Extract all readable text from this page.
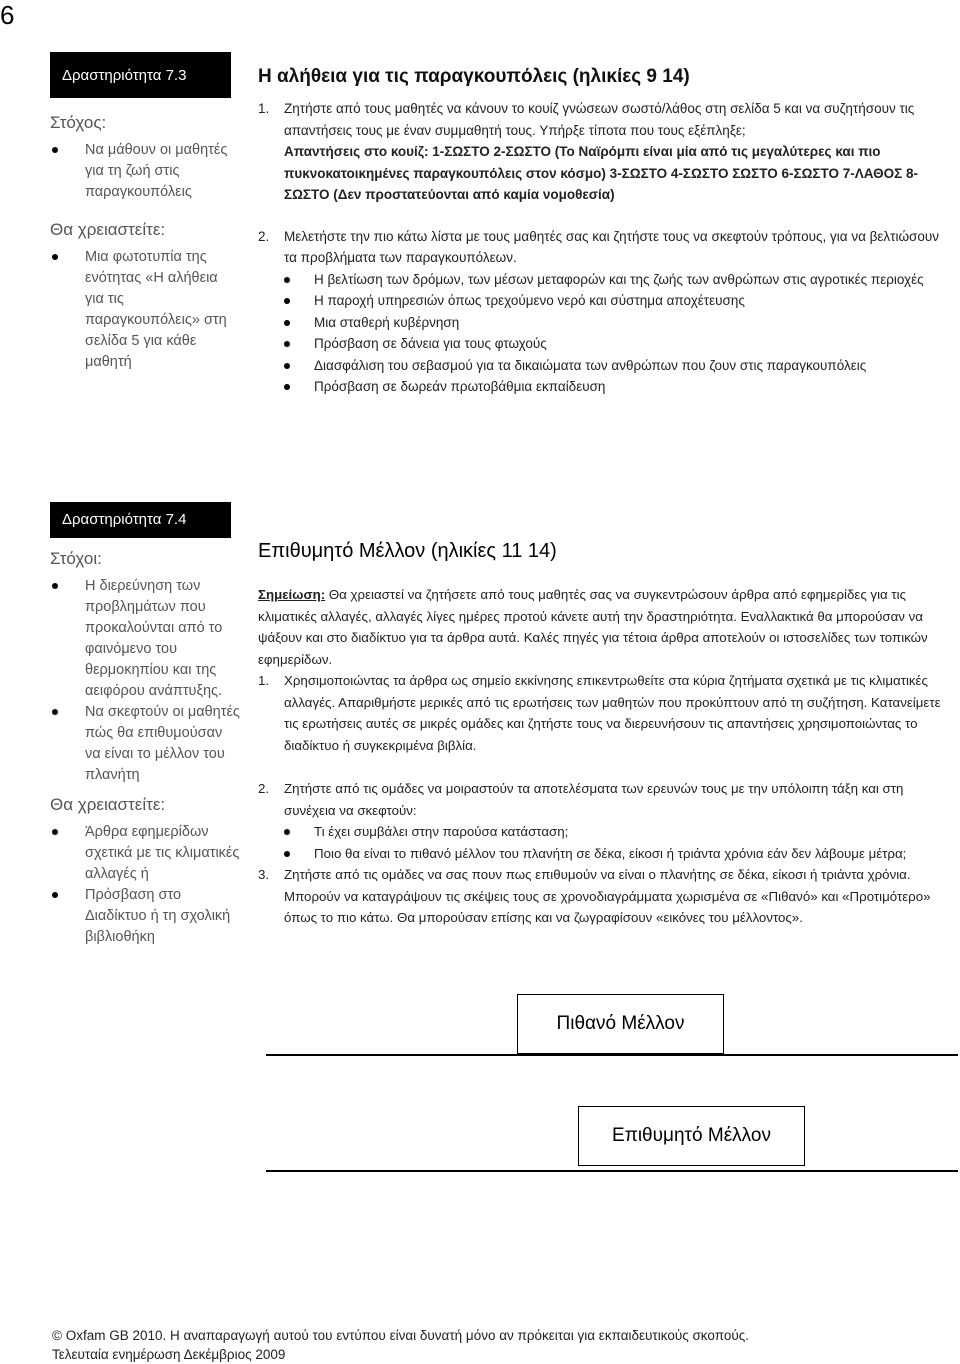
6
Δραστηριότητα 7.3

Στόχος:

Να μάθουν οι μαθητές για τη ζωή στις παραγκουπόλεις

Θα χρειαστείτε:

Μια φωτοτυπία της ενότητας «Η αλήθεια για τις παραγκουπόλεις» στη σελίδα 5 για κάθε μαθητή
Δραστηριότητα 7.4

Στόχοι:

Η διερεύνηση των προβλημάτων που προκαλούνται από το φαινόμενο του θερμοκηπίου και της αειφόρου ανάπτυξης.
Να σκεφτούν οι μαθητές πώς θα επιθυμούσαν να είναι το μέλλον του πλανήτη

Θα χρειαστείτε:

Άρθρα εφημερίδων σχετικά με τις κλιματικές αλλαγές ή
Πρόσβαση στο Διαδίκτυο ή τη σχολική βιβλιοθήκη
Η αλήθεια για τις παραγκουπόλεις (ηλικίες 9 14)
1. Ζητήστε από τους μαθητές να κάνουν το κουίζ γνώσεων σωστό/λάθος στη σελίδα 5 και να συζητήσουν τις απαντήσεις τους με έναν συμμαθητή τους. Υπήρξε τίποτα που τους εξέπληξε;

Απαντήσεις στο κουίζ: 1-ΣΩΣΤΟ 2-ΣΩΣΤΟ (Το Ναϊρόμπι είναι μία από τις μεγαλύτερες και πιο πυκνοκατοικημένες παραγκουπόλεις στον κόσμο) 3-ΣΩΣΤΟ 4-ΣΩΣΤΟ ΣΩΣΤΟ 6-ΣΩΣΤΟ 7-ΛΑΘΟΣ 8-ΣΩΣΤΟ (Δεν προστατεύονται από καμία νομοθεσία)

2. Μελετήστε την πιο κάτω λίστα με τους μαθητές σας και ζητήστε τους να σκεφτούν τρόπους, για να βελτιώσουν τα προβλήματα των παραγκουπόλεων.

Η βελτίωση των δρόμων, των μέσων μεταφορών και της ζωής των ανθρώπων στις αγροτικές περιοχές
Η παροχή υπηρεσιών όπως τρεχούμενο νερό και σύστημα αποχέτευσης
Μια σταθερή κυβέρνηση
Πρόσβαση σε δάνεια για τους φτωχούς
Διασφάλιση του σεβασμού για τα δικαιώματα των ανθρώπων που ζουν στις παραγκουπόλεις
Πρόσβαση σε δωρεάν πρωτοβάθμια εκπαίδευση
Επιθυμητό Μέλλον (ηλικίες 11 14)

Σημείωση: Θα χρειαστεί να ζητήσετε από τους μαθητές σας να συγκεντρώσουν άρθρα από εφημερίδες για τις κλιματικές αλλαγές, αλλαγές λίγες ημέρες προτού κάνετε αυτή την δραστηριότητα. Εναλλακτικά θα μπορούσαν να ψάξουν και στο διαδίκτυο για τα άρθρα αυτά. Καλές πηγές για τέτοια άρθρα αποτελούν οι ιστοσελίδες των τοπικών εφημερίδων.

1. Χρησιμοποιώντας τα άρθρα ως σημείο εκκίνησης επικεντρωθείτε στα κύρια ζητήματα σχετικά με τις κλιματικές αλλαγές. Απαριθμήστε μερικές από τις ερωτήσεις των μαθητών που προκύπτουν από τη συζήτηση. Κατανείμετε τις ερωτήσεις αυτές σε μικρές ομάδες και ζητήστε τους να διερευνήσουν τις απαντήσεις χρησιμοποιώντας το διαδίκτυο ή συγκεκριμένα βιβλία.

2. Ζητήστε από τις ομάδες να μοιραστούν τα αποτελέσματα των ερευνών τους με την υπόλοιπη τάξη και στη συνέχεια να σκεφτούν:

Τι έχει συμβάλει στην παρούσα κατάσταση;
Ποιο θα είναι το πιθανό μέλλον του πλανήτη σε δέκα, είκοσι ή τριάντα χρόνια εάν δεν λάβουμε μέτρα;
3. Ζητήστε από τις ομάδες να σας πουν πως επιθυμούν να είναι ο πλανήτης σε δέκα, είκοσι ή τριάντα χρόνια. Μπορούν να καταγράψουν τις σκέψεις τους σε χρονοδιαγράμματα χωρισμένα σε «Πιθανό» και «Προτιμότερο» όπως το πιο κάτω. Θα μπορούσαν επίσης και να ζωγραφίσουν «εικόνες του μέλλοντος».

Πιθανό Μέλλον
Επιθυμητό Μέλλον
© Oxfam GB 2010. Η αναπαραγωγή αυτού του εντύπου είναι δυνατή μόνο αν πρόκειται για εκπαιδευτικούς σκοπούς.
Τελευταία ενημέρωση Δεκέμβριος 2009
